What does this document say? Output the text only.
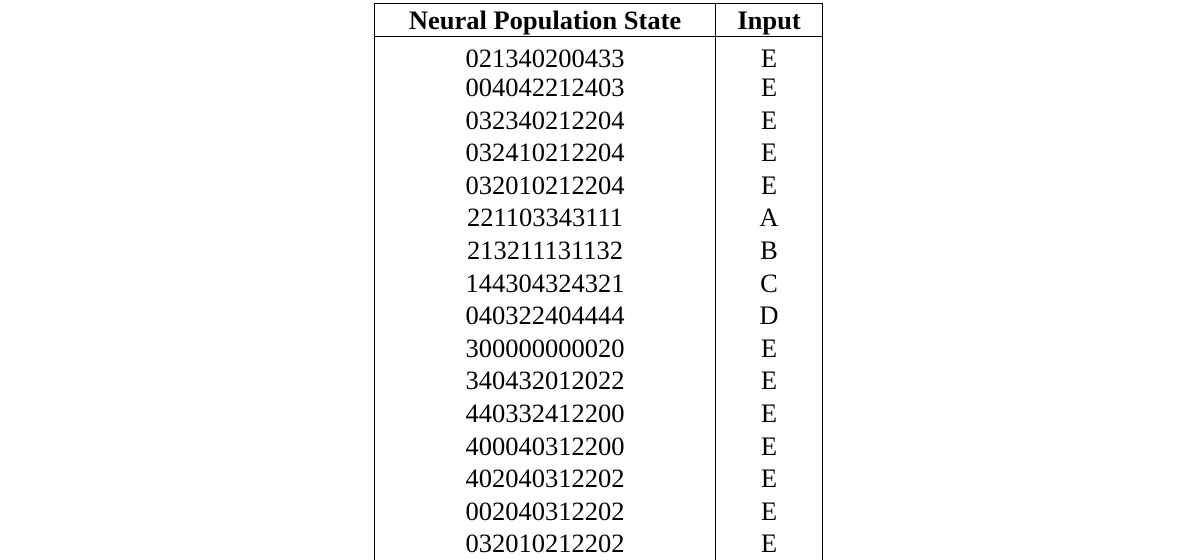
Neural Population State	Input
021340200433	E
004042212403	E
032340212204	E
032410212204	E
032010212204	E
221103343111	A
213211131132	B
144304324321	C
040322404444	D
300000000020	E
340432012022	E
440332412200	E
400040312200	E
402040312202	E
002040312202	E
032010212202	E
